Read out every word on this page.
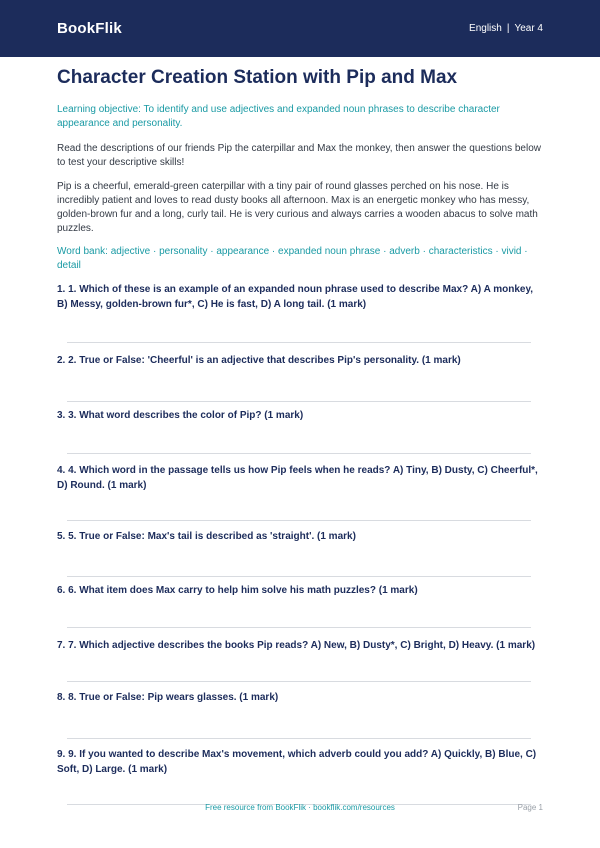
BookFlik	English | Year 4
Character Creation Station with Pip and Max

Learning objective: To identify and use adjectives and expanded noun phrases to describe character appearance and personality.

Read the descriptions of our friends Pip the caterpillar and Max the monkey, then answer the questions below to test your descriptive skills!

Pip is a cheerful, emerald-green caterpillar with a tiny pair of round glasses perched on his nose. He is incredibly patient and loves to read dusty books all afternoon. Max is an energetic monkey who has messy, golden-brown fur and a long, curly tail. He is very curious and always carries a wooden abacus to solve math puzzles.

Word bank: adjective · personality · appearance · expanded noun phrase · adverb · characteristics · vivid · detail

1. 1. Which of these is an example of an expanded noun phrase used to describe Max? A) A monkey, B) Messy, golden-brown fur*, C) He is fast, D) A long tail. (1 mark)
2. 2. True or False: 'Cheerful' is an adjective that describes Pip's personality. (1 mark)
3. 3. What word describes the color of Pip? (1 mark)
4. 4. Which word in the passage tells us how Pip feels when he reads? A) Tiny, B) Dusty, C) Cheerful*, D) Round. (1 mark)
5. 5. True or False: Max's tail is described as 'straight'. (1 mark)
6. 6. What item does Max carry to help him solve his math puzzles? (1 mark)
7. 7. Which adjective describes the books Pip reads? A) New, B) Dusty*, C) Bright, D) Heavy. (1 mark)
8. 8. True or False: Pip wears glasses. (1 mark)
9. 9. If you wanted to describe Max's movement, which adverb could you add? A) Quickly, B) Blue, C) Soft, D) Large. (1 mark)
Free resource from BookFlik · bookflik.com/resources	Page 1
